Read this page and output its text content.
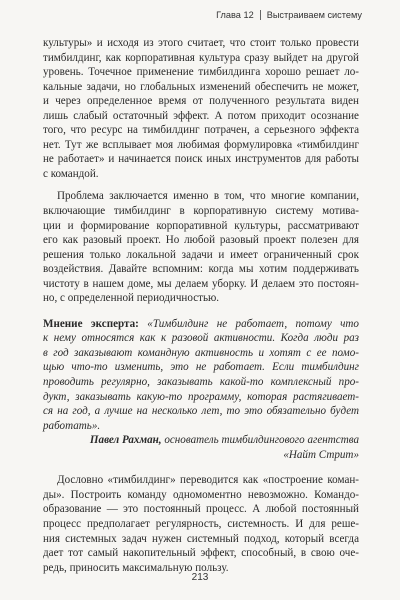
Глава 12 Выстраиваем систему
культуры» и исходя из этого считает, что стоит только провести
тимбилдинг, как корпоративная культура сразу выйдет на другой
уровень. Точечное применение тимбилдинга хорошо решает ло-
кальные задачи, но глобальных изменений обеспечить не может,
и через определенное время от полученного результата виден
лишь слабый остаточный эффект. А потом приходит осознание
того, что ресурс на тимбилдинг потрачен, а серьезного эффекта
нет. Тут же всплывает моя любимая формулировка «тимбилдинг
не работает» и начинается поиск иных инструментов для работы
с командой.
Проблема заключается именно в том, что многие компании,
включающие тимбилдинг в корпоративную систему мотива-
ции и формирование корпоративной культуры, рассматривают
его как разовый проект. Но любой разовый проект полезен для
решения только локальной задачи и имеет ограниченный срок
воздействия. Давайте вспомним: когда мы хотим поддерживать
чистоту в нашем доме, мы делаем уборку. И делаем это постоян-
но, с определенной периодичностью.
Мнение эксперта: «Тимбилдинг не работает, потому что
к нему относятся как к разовой активности. Когда люди раз
в год заказывают командную активность и хотят с ее помо-
щью что-то изменить, это не работает. Если тимбилдинг
проводить регулярно, заказывать какой-то комплексный про-
дукт, заказывать какую-то программу, которая растягивает-
ся на год, а лучше на несколько лет, то это обязательно будет
работать».
Павел Рахман, основатель тимбилдингового агентства
«Найт Стрит»
Дословно «тимбилдинг» переводится как «построение коман-
ды». Построить команду одномоментно невозможно. Командо-
образование — это постоянный процесс. А любой постоянный
процесс предполагает регулярность, системность. И для реше-
ния системных задач нужен системный подход, который всегда
дает тот самый накопительный эффект, способный, в свою оче-
редь, приносить максимальную пользу.
213
